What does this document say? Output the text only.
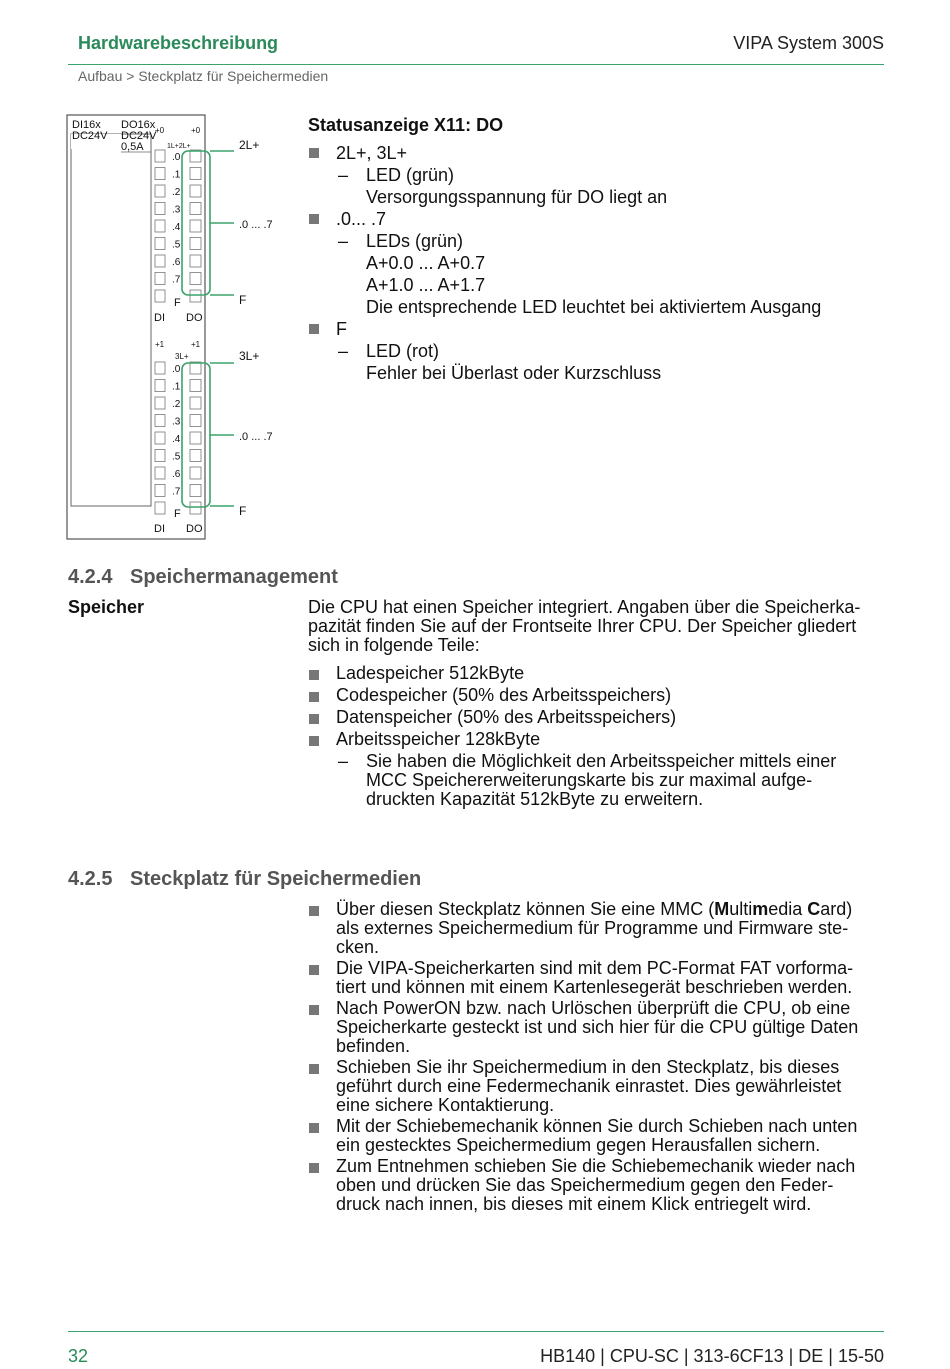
Hardwarebeschreibung	VIPA System 300S
Aufbau > Steckplatz für Speichermedien
DI16x
DC24V
DO16x
DC24V
0,5A
+0	+0
1L+2L+
+1	+1
3L+
.0
.1
.2
.3
.4
.5
.6
.7
.0
.1
.2
.3
.4
.5
.6
.7
F
DI DO
F
DI DO
2L+
.0 ... .7
F
3L+
.0 ... .7
F
Statusanzeige X11: DO
2L+, 3L+
– LED (grün)
Versorgungsspannung für DO liegt an
.0... .7
– LEDs (grün)
A+0.0 ... A+0.7
A+1.0 ... A+1.7
Die entsprechende LED leuchtet bei aktiviertem Ausgang
F
– LED (rot)
Fehler bei Überlast oder Kurzschluss
4.2.4 Speichermanagement
Speicher	Die CPU hat einen Speicher integriert. Angaben über die Speicherka-
pazität finden Sie auf der Frontseite Ihrer CPU. Der Speicher gliedert
sich in folgende Teile:

Ladespeicher 512kByte
Codespeicher (50% des Arbeitsspeichers)
Datenspeicher (50% des Arbeitsspeichers)
Arbeitsspeicher 128kByte
– Sie haben die Möglichkeit den Arbeitsspeicher mittels einer
MCC Speichererweiterungskarte bis zur maximal aufge-
druckten Kapazität 512kByte zu erweitern.
4.2.5 Steckplatz für Speichermedien
Über diesen Steckplatz können Sie eine MMC (Multimedia Card)
als externes Speichermedium für Programme und Firmware ste-
cken.
Die VIPA-Speicherkarten sind mit dem PC-Format FAT vorforma-
tiert und können mit einem Kartenlesegerät beschrieben werden.
Nach PowerON bzw. nach Urlöschen überprüft die CPU, ob eine
Speicherkarte gesteckt ist und sich hier für die CPU gültige Daten
befinden.
Schieben Sie ihr Speichermedium in den Steckplatz, bis dieses
geführt durch eine Federmechanik einrastet. Dies gewährleistet
eine sichere Kontaktierung.
Mit der Schiebemechanik können Sie durch Schieben nach unten
ein gestecktes Speichermedium gegen Herausfallen sichern.
Zum Entnehmen schieben Sie die Schiebemechanik wieder nach
oben und drücken Sie das Speichermedium gegen den Feder-
druck nach innen, bis dieses mit einem Klick entriegelt wird.
32	HB140 | CPU-SC | 313-6CF13 | DE | 15-50
